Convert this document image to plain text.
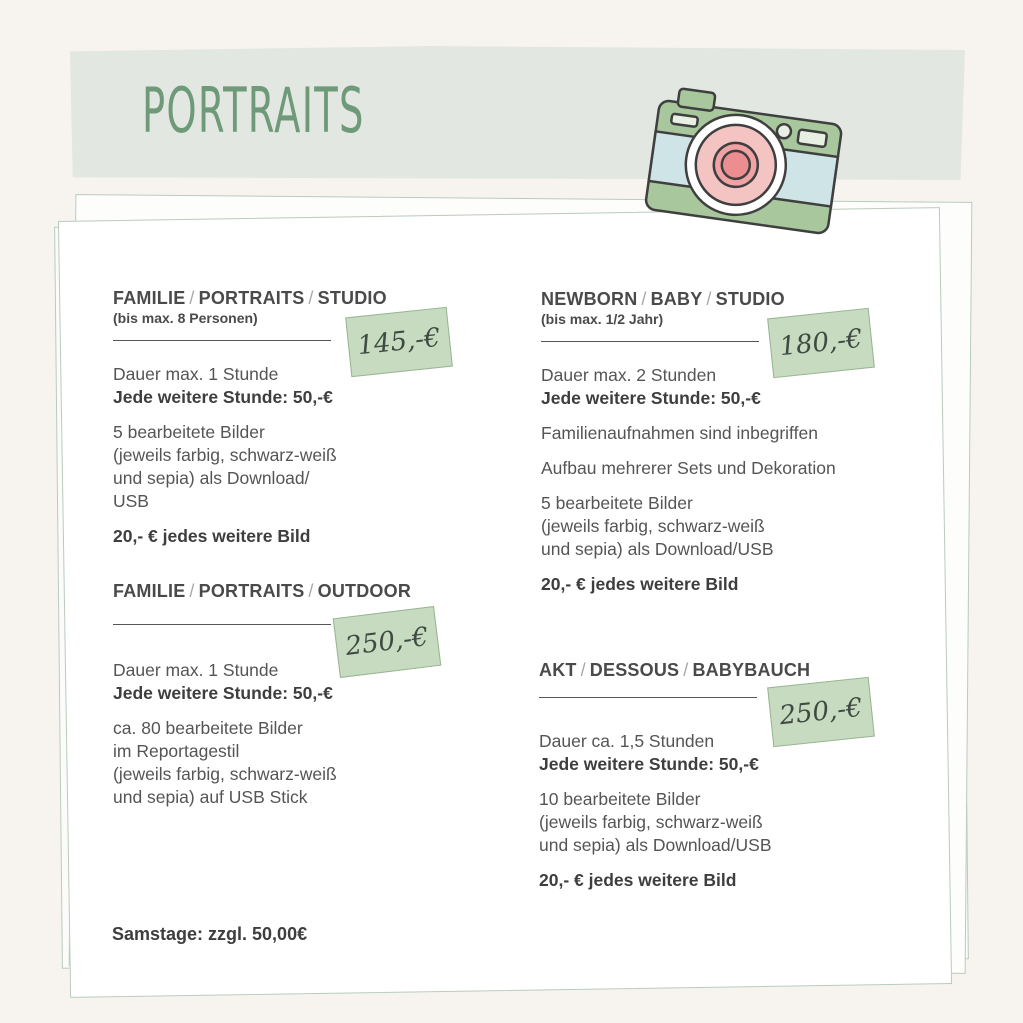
PORTRAITS
FAMILIE / PORTRAITS / STUDIO
(bis max. 8 Personen)
Dauer max. 1 Stunde
Jede weitere Stunde: 50,-€
5 bearbeitete Bilder
(jeweils farbig, schwarz-weiß
und sepia) als Download/
USB
20,- € jedes weitere Bild
145,-€
FAMILIE / PORTRAITS / OUTDOOR
Dauer max. 1 Stunde
Jede weitere Stunde: 50,-€
ca. 80 bearbeitete Bilder
im Reportagestil
(jeweils farbig, schwarz-weiß
und sepia) auf USB Stick
250,-€
NEWBORN / BABY / STUDIO
(bis max. 1/2 Jahr)
Dauer max. 2 Stunden
Jede weitere Stunde: 50,-€
Familienaufnahmen sind inbegriffen
Aufbau mehrerer Sets und Dekoration
5 bearbeitete Bilder
(jeweils farbig, schwarz-weiß
und sepia) als Download/USB
20,- € jedes weitere Bild
180,-€
AKT / DESSOUS / BABYBAUCH
Dauer ca. 1,5 Stunden
Jede weitere Stunde: 50,-€
10 bearbeitete Bilder
(jeweils farbig, schwarz-weiß
und sepia) als Download/USB
20,- € jedes weitere Bild
250,-€
Samstage: zzgl. 50,00€
